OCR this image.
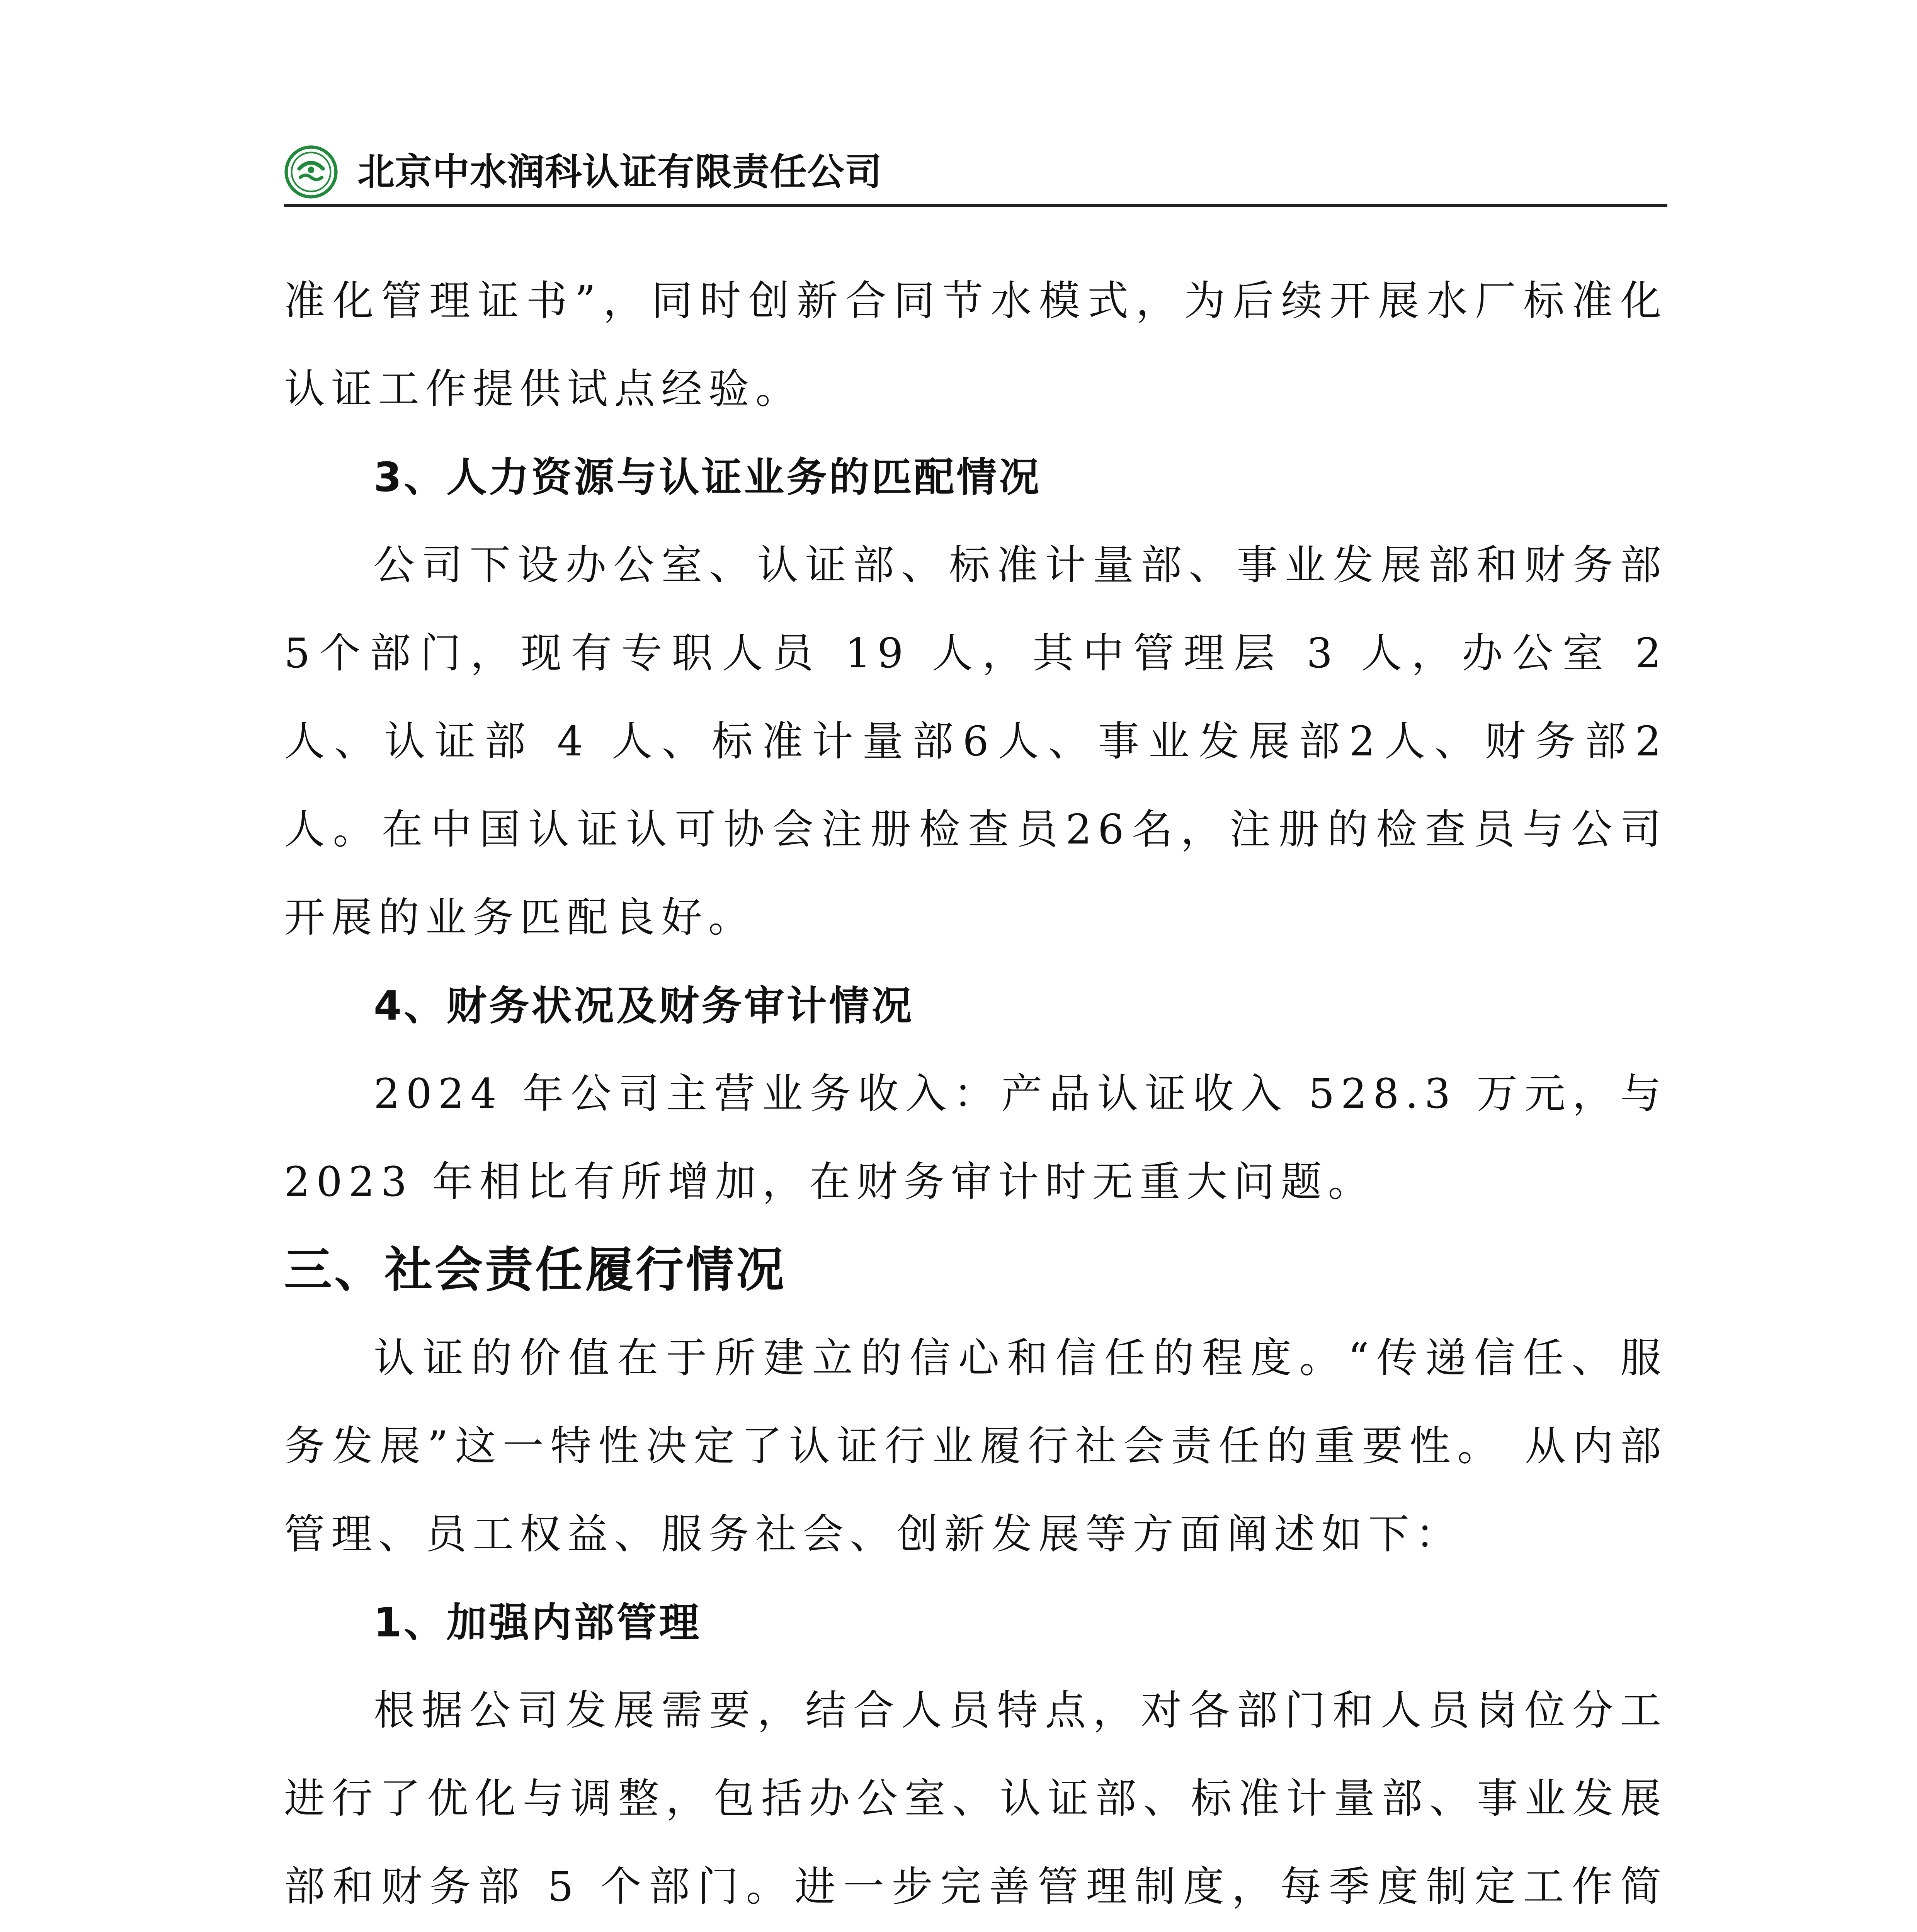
北京中水润科认证有限责任公司

准化管理证书”，同时创新合同节水模式，为后续开展水厂标准化认证工作提供试点经验。

3、人力资源与认证业务的匹配情况

公司下设办公室、认证部、标准计量部、事业发展部和财务部5个部门，现有专职人员 19 人，其中管理层 3 人，办公室 2 人、认证部 4 人、标准计量部6人、事业发展部2人、财务部2人。在中国认证认可协会注册检查员26名，注册的检查员与公司开展的业务匹配良好。

4、财务状况及财务审计情况

2024 年公司主营业务收入：产品认证收入 528.3 万元，与 2023 年相比有所增加，在财务审计时无重大问题。

三、社会责任履行情况

认证的价值在于所建立的信心和信任的程度。“传递信任、服务发展”这一特性决定了认证行业履行社会责任的重要性。 从内部管理、员工权益、服务社会、创新发展等方面阐述如下：

1、加强内部管理

根据公司发展需要，结合人员特点，对各部门和人员岗位分工进行了优化与调整，包括办公室、认证部、标准计量部、事业发展部和财务部 5 个部门。进一步完善管理制度，每季度制定工作简
